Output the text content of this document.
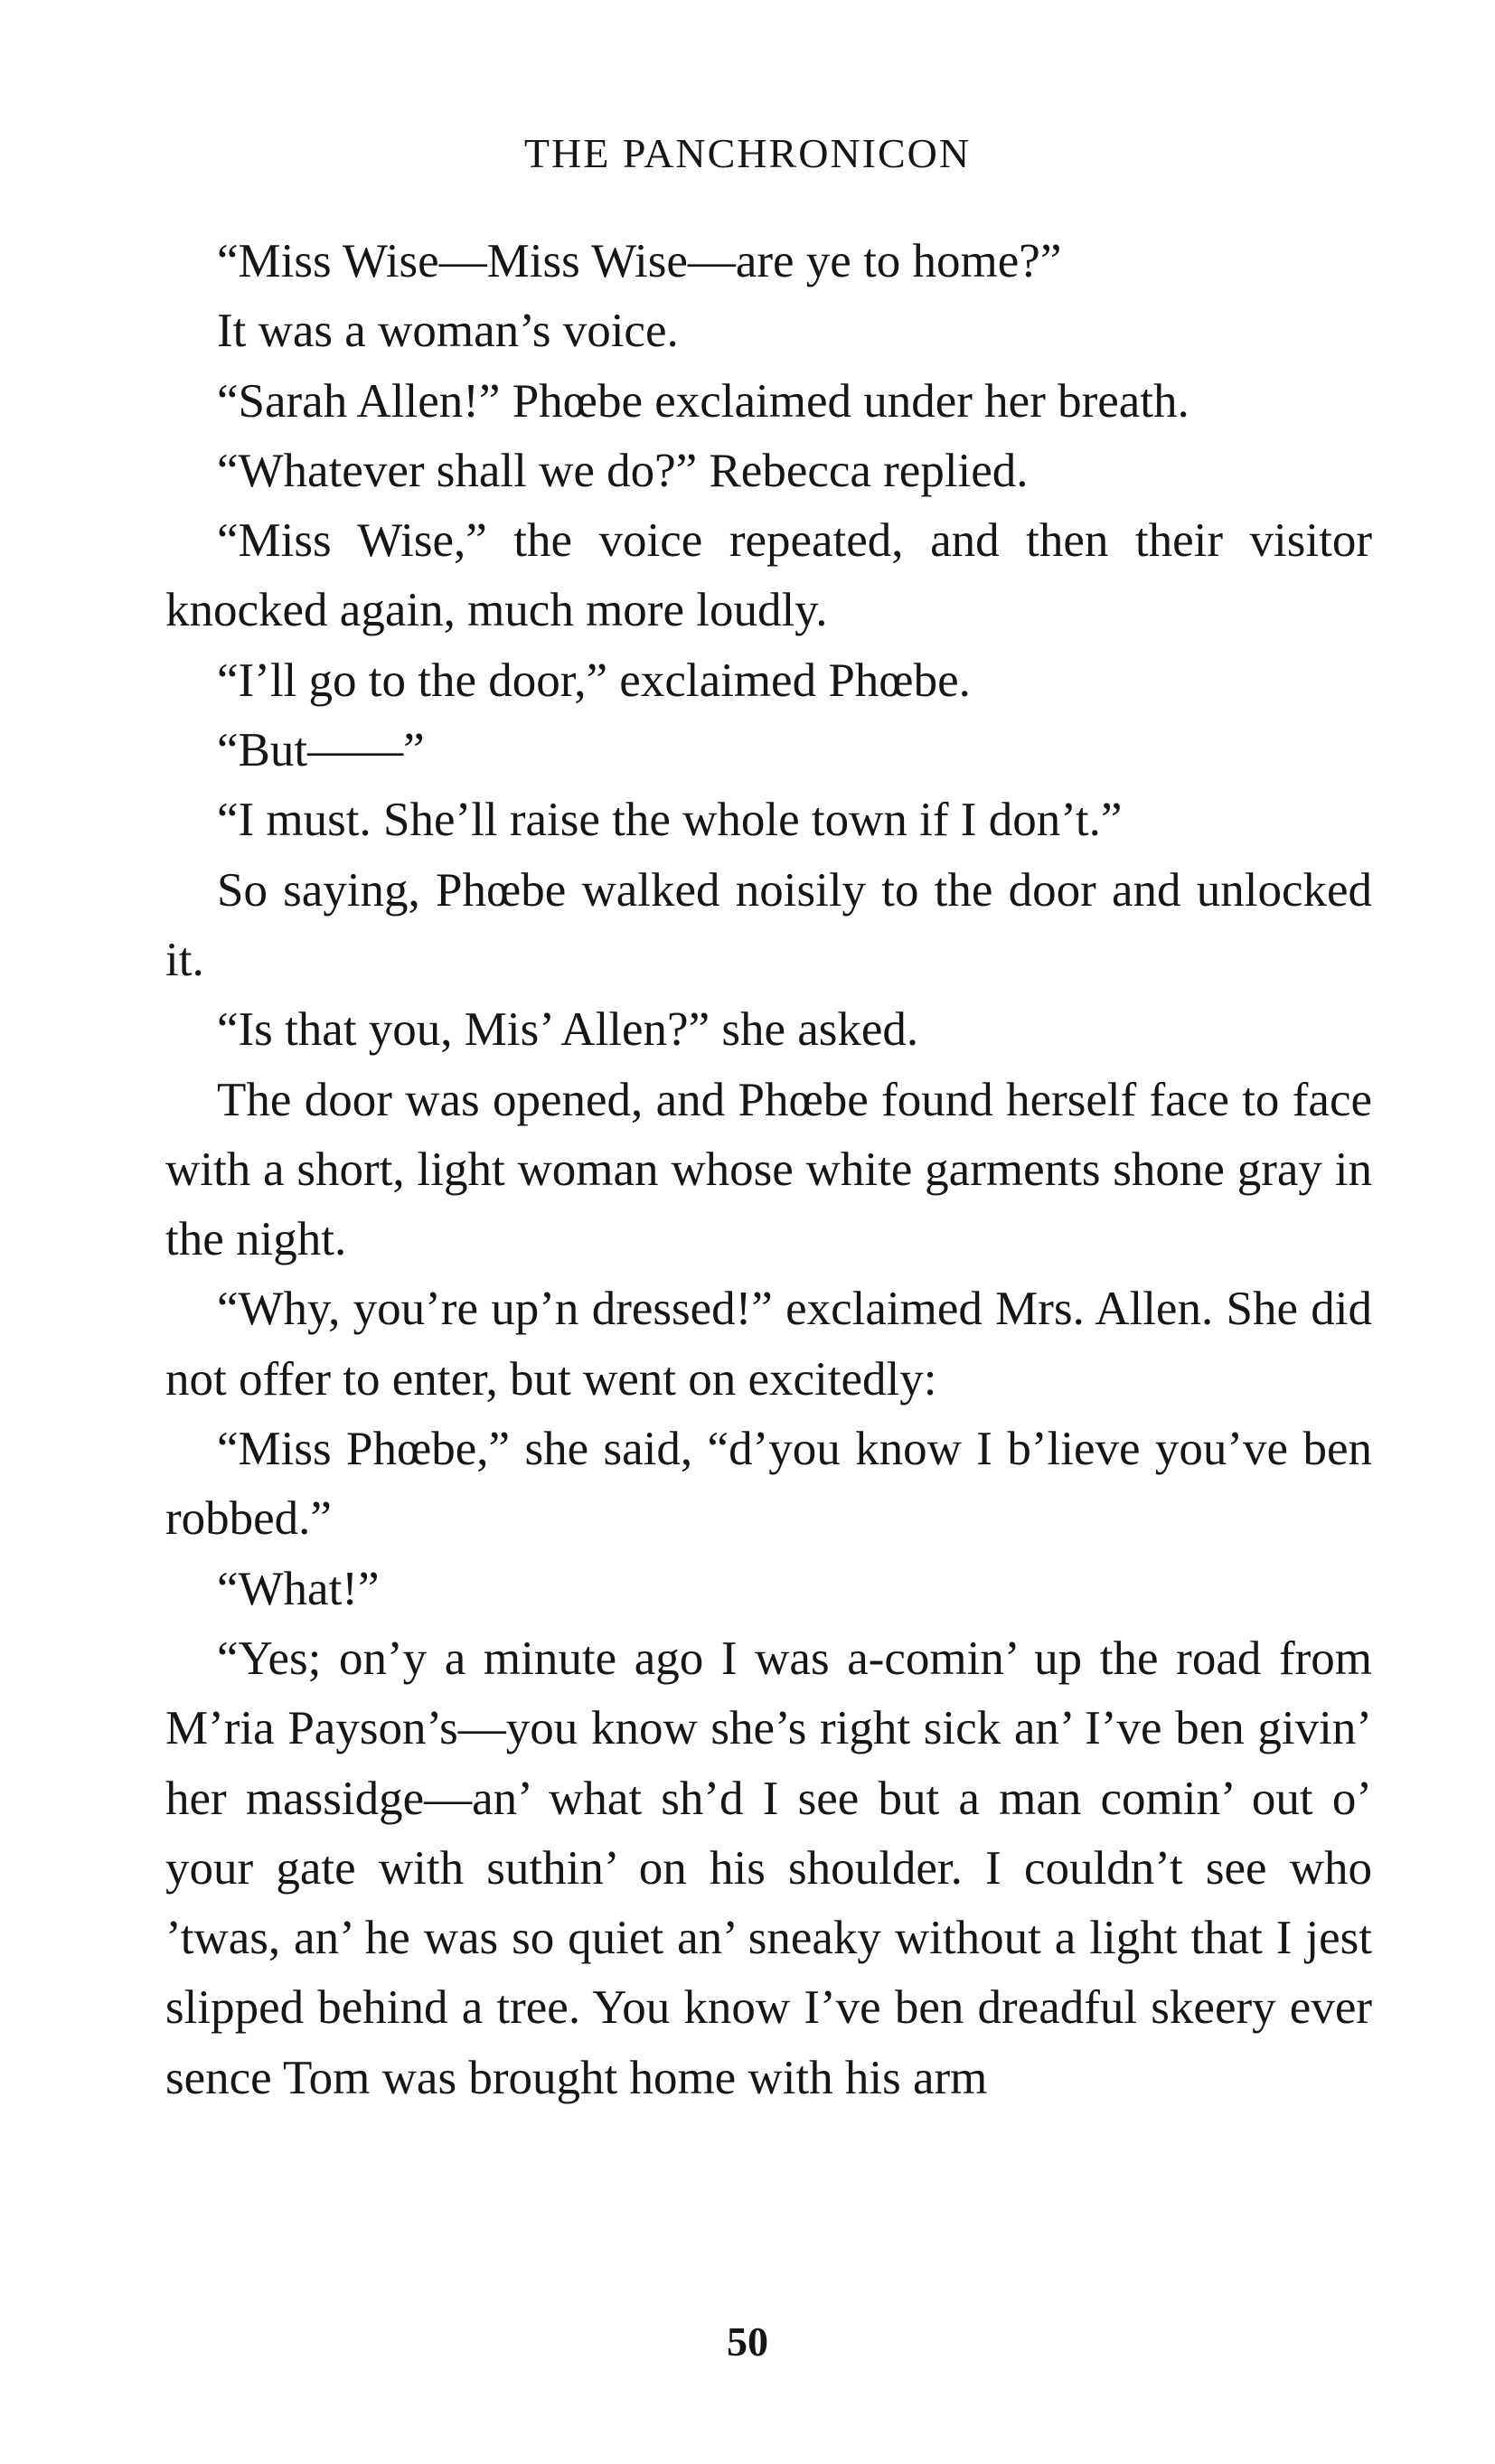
THE PANCHRONICON

“Miss Wise—Miss Wise—are ye to home?”

It was a woman’s voice.

“Sarah Allen!” Phœbe exclaimed under her breath.

“Whatever shall we do?” Rebecca replied.

“Miss Wise,” the voice repeated, and then their visitor knocked again, much more loudly.

“I’ll go to the door,” exclaimed Phœbe.

“But——”

“I must. She’ll raise the whole town if I don’t.”

So saying, Phœbe walked noisily to the door and unlocked it.

“Is that you, Mis’ Allen?” she asked.

The door was opened, and Phœbe found herself face to face with a short, light woman whose white garments shone gray in the night.

“Why, you’re up’n dressed!” exclaimed Mrs. Allen. She did not offer to enter, but went on excitedly:

“Miss Phœbe,” she said, “d’you know I b’lieve you’ve ben robbed.”

“What!”

“Yes; on’y a minute ago I was a-comin’ up the road from M’ria Payson’s—you know she’s right sick an’ I’ve ben givin’ her massidge—an’ what sh’d I see but a man comin’ out o’ your gate with suthin’ on his shoulder. I couldn’t see who ’twas, an’ he was so quiet an’ sneaky without a light that I jest slipped behind a tree. You know I’ve ben dreadful skeery ever sence Tom was brought home with his arm

50
